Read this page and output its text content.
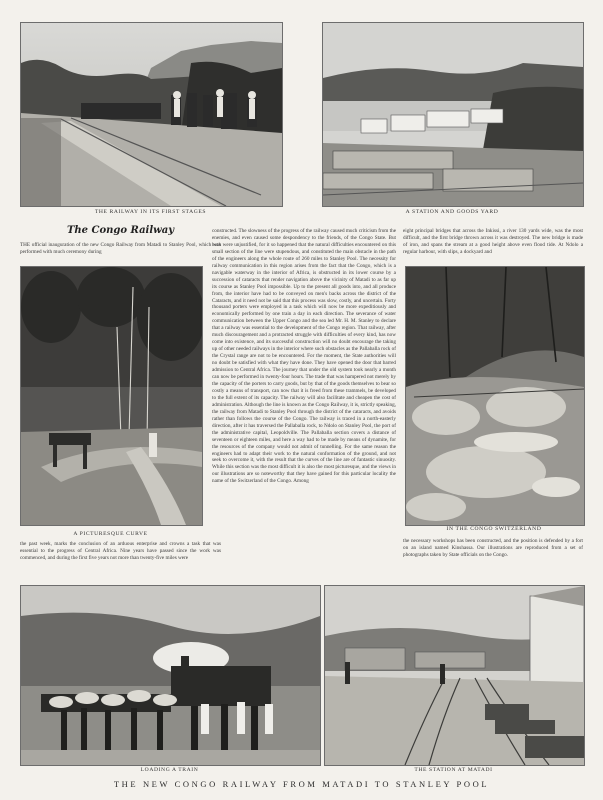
THE RAILWAY IN ITS FIRST STAGES	A STATION AND GOODS YARD
The Congo Railway
THE official inauguration of the new Congo Railway from Matadi to Stanley Pool, which was performed with much ceremony during
A PICTURESQUE CURVE
the past week, marks the conclusion of an arduous enterprise and crowns a task that was essential to the progress of Central Africa. Nine years have passed since the work was commenced, and during the first five years not more than twenty-five miles were
constructed. The slowness of the progress of the railway caused much criticism from the enemies, and even caused some despondency to the friends, of the Congo State. But both were unjustified, for it so happened that the natural difficulties encountered on this small section of the line were stupendous, and constituted the main obstacle in the path of the engineers along the whole route of 260 miles to Stanley Pool. The necessity for railway communication in this region arises from the fact that the Congo, which is a navigable waterway in the interior of Africa, is obstructed in its lower course by a succession of cataracts that render navigation above the vicinity of Matadi to as far up its course as Stanley Pool impossible. Up to the present all goods into, and all produce from, the interior have had to be conveyed on men's backs across the district of the Cataracts, and it need not be said that this process was slow, costly, and uncertain. Forty thousand porters were employed in a task which will now be more expeditiously and economically performed by one train a day in each direction. The severance of water communication between the Upper Congo and the sea led Mr. H. M. Stanley to declare that a railway was essential to the development of the Congo region. That railway, after much discouragement and a protracted struggle with difficulties of every kind, has now come into existence, and its successful construction will no doubt encourage the taking up of other needed railways in the interior where such obstacles as the Pallaballa rock of the Crystal range are not to be encountered. For the moment, the State authorities will no doubt be satisfied with what they have done. They have opened the door that barred admission to Central Africa. The journey that under the old system took nearly a month can now be performed in twenty-four hours. The trade that was hampered not merely by the capacity of the porters to carry goods, but by that of the goods themselves to bear so costly a means of transport, can now that it is freed from these trammels, be developed to the full extent of its capacity. The railway will also facilitate and cheapen the cost of administration. Although the line is known as the Congo Railway, it is, strictly speaking, the railway from Matadi to Stanley Pool through the district of the cataracts, and avoids rather than follows the course of the Congo. The railway is traced in a north-easterly direction, after it has traversed the Pallaballa rock, to Ndolo on Stanley Pool, the port of the administrative capital, Leopoldville. The Pallaballa section covers a distance of seventeen or eighteen miles, and here a way had to be made by means of dynamite, for the resources of the company would not admit of tunnelling. For the same reason the engineers had to adapt their work to the natural conformation of the ground, and not seek to overcome it, with the result that the curves of the line are of fantastic sinuosity. While this section was the most difficult it is also the most picturesque, and the views in our illustrations are so noteworthy that they have gained for this particular locality the name of the Switzerland of the Congo. Among
eight principal bridges that across the Inkissi, a river 130 yards wide, was the most difficult, and the first bridge thrown across it was destroyed. The new bridge is made of iron, and spans the stream at a good height above even flood tide. At Ndolo a regular harbour, with slips, a dockyard and
IN THE CONGO SWITZERLAND
the necessary workshops has been constructed, and the position is defended by a fort on an island named Kinshassa. Our illustrations are reproduced from a set of photographs taken by State officials on the Congo.
LOADING A TRAIN	THE STATION AT MATADI
THE NEW CONGO RAILWAY FROM MATADI TO STANLEY POOL
